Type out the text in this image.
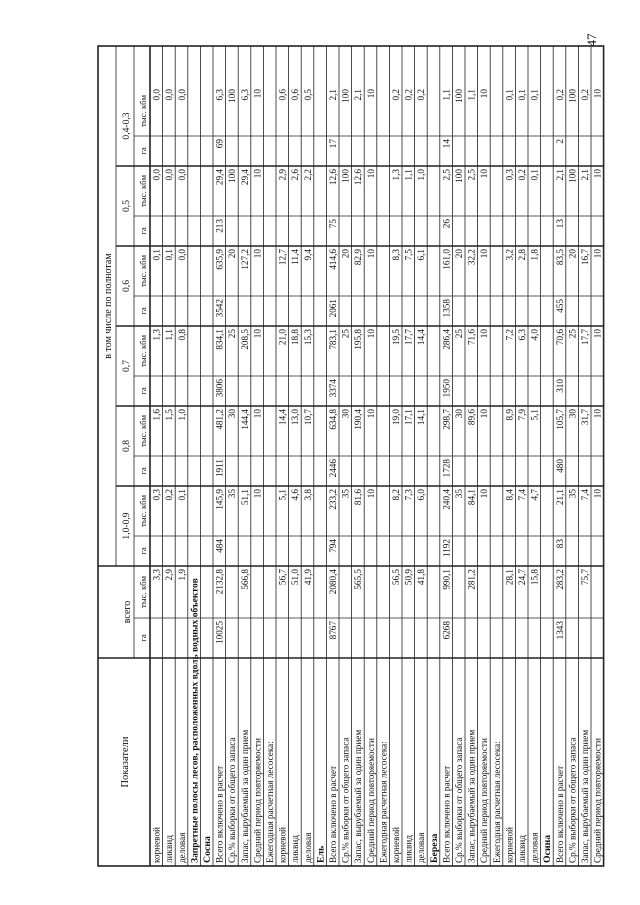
47
Показатели
всего
в том числе по полнотам
1,0-0,9
0,8
0,7
0,6
0,5
0,4-0,3
га
тыс. кбм
га
тыс. кбм
га
тыс. кбм
га
тыс. кбм
га
тыс. кбм
га
тыс. кбм
га
тыс. кбм
корневой
3,3
0,3
1,6
1,3
0,1
0,0
0,0
ликвид
2,9
0,2
1,5
1,1
0,1
0,0
0,0
деловая
1,9
0,1
1,0
0,8
0,0
0,0
0,0
Запретные полосы лесов, расположенных вдоль водных объектов Сосна Всего включено в расчет
10025
2132,8
484
145,9
1911
481,2
3806
834,1
3542
635,9
213
29,4
69
6,3
Ср.% выборки от общего запаса
35
30
25
20
100
100
Запас, вырубаемый за один прием
566,8
51,1
144,4
208,5
127,2
29,4
6,3
Средний период повторяемости
10
10
10
10
10
10
Ежегодная расчетная лесосека: корневой
56,7
5,1
14,4
21,0
12,7
2,9
0,6
ликвид
51,0
4,6
13,0
18,8
11,4
2,6
0,6
деловая
41,9
3,8
10,7
15,3
9,4
2,2
0,5
Ель Всего включено в расчет
8767
2080,4
794
233,2
2446
634,8
3374
783,1
2061
414,6
75
12,6
17
2,1
Ср.% выборки от общего запаса
35
30
25
20
100
100
Запас, вырубаемый за один прием
565,5
81,6
190,4
195,8
82,9
12,6
2,1
Средний период повторяемости
10
10
10
10
10
10
Ежегодная расчетная лесосека: корневой
56,5
8,2
19,0
19,5
8,3
1,3
0,2
ликвид
50,9
7,3
17,1
17,7
7,5
1,1
0,2
деловая
41,8
6,0
14,1
14,4
6,1
1,0
0,2
Береза Всего включено в расчет
6268
990,1
1192
240,4
1728
298,7
1950
286,4
1358
161,0
26
2,5
14
1,1
Ср.% выборки от общего запаса
35
30
25
20
100
100
Запас, вырубаемый за один прием
281,2
84,1
89,6
71,6
32,2
2,5
1,1
Средний период повторяемости
10
10
10
10
10
10
Ежегодная расчетная лесосека: корневой
28,1
8,4
8,9
7,2
3,2
0,3
0,1
ликвид
24,7
7,4
7,9
6,3
2,8
0,2
0,1
деловая
15,8
4,7
5,1
4,0
1,8
0,1
0,1
Осина Всего включено в расчет
1343
283,2
83
21,1
480
105,7
310
70,6
455
83,5
13
2,1
2
0,2
Ср.% выборки от общего запаса
35
30
25
20
100
100
Запас, вырубаемый за один прием
75,7
7,4
31,7
17,7
16,7
2,1
0,2
Средний период повторяемости
10
10
10
10
10
10
